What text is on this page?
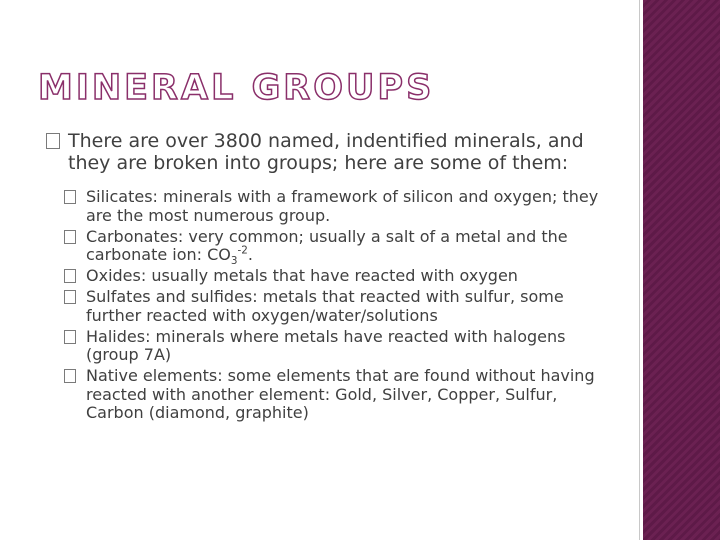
MINERAL GROUPS
There are over 3800 named, indentified minerals, and they are broken into groups; here are some of them:
Silicates: minerals with a framework of silicon and oxygen; they are the most numerous group.
Carbonates: very common; usually a salt of a metal and the carbonate ion: $CO_3^{-2}$.
Oxides: usually metals that have reacted with oxygen
Sulfates and sulfides: metals that reacted with sulfur, some further reacted with oxygen/water/solutions
Halides: minerals where metals have reacted with halogens (group 7A)
Native elements: some elements that are found without having reacted with another element: Gold, Silver, Copper, Sulfur, Carbon (diamond, graphite)
